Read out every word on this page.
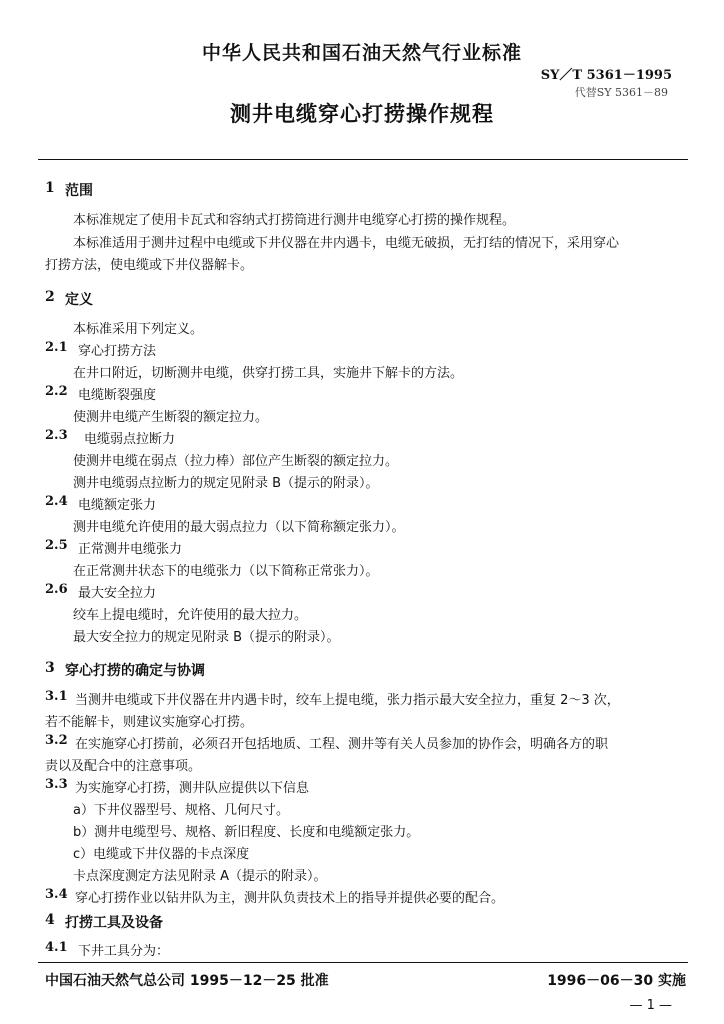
中华人民共和国石油天然气行业标准
SY／T 5361－1995
代替SY 5361－89
测井电缆穿心打捞操作规程
1 范围
本标准规定了使用卡瓦式和容纳式打捞筒进行测井电缆穿心打捞的操作规程。
本标准适用于测井过程中电缆或下井仪器在井内遇卡，电缆无破损，无打结的情况下，采用穿心
打捞方法，使电缆或下井仪器解卡。
2 定义
本标准采用下列定义。
2.1 穿心打捞方法
在井口附近，切断测井电缆，供穿打捞工具，实施井下解卡的方法。
2.2 电缆断裂强度
使测井电缆产生断裂的额定拉力。
2.3 电缆弱点拉断力
使测井电缆在弱点（拉力棒）部位产生断裂的额定拉力。
测井电缆弱点拉断力的规定见附录 B（提示的附录）。
2.4 电缆额定张力
测井电缆允许使用的最大弱点拉力（以下简称额定张力）。
2.5 正常测井电缆张力
在正常测井状态下的电缆张力（以下简称正常张力）。
2.6 最大安全拉力
绞车上提电缆时，允许使用的最大拉力。
最大安全拉力的规定见附录 B（提示的附录）。
3 穿心打捞的确定与协调
3.1 当测井电缆或下井仪器在井内遇卡时，绞车上提电缆，张力指示最大安全拉力，重复 2～3 次，
若不能解卡，则建议实施穿心打捞。
3.2 在实施穿心打捞前，必须召开包括地质、工程、测井等有关人员参加的协作会，明确各方的职
责以及配合中的注意事项。
3.3 为实施穿心打捞，测井队应提供以下信息
a）下井仪器型号、规格、几何尺寸。
b）测井电缆型号、规格、新旧程度、长度和电缆额定张力。
c）电缆或下井仪器的卡点深度
卡点深度测定方法见附录 A（提示的附录）。
3.4 穿心打捞作业以钻井队为主，测井队负责技术上的指导并提供必要的配合。
4 打捞工具及设备
4.1 下井工具分为：
中国石油天然气总公司 1995－12－25 批准	1996－06－30 实施
— 1 —
